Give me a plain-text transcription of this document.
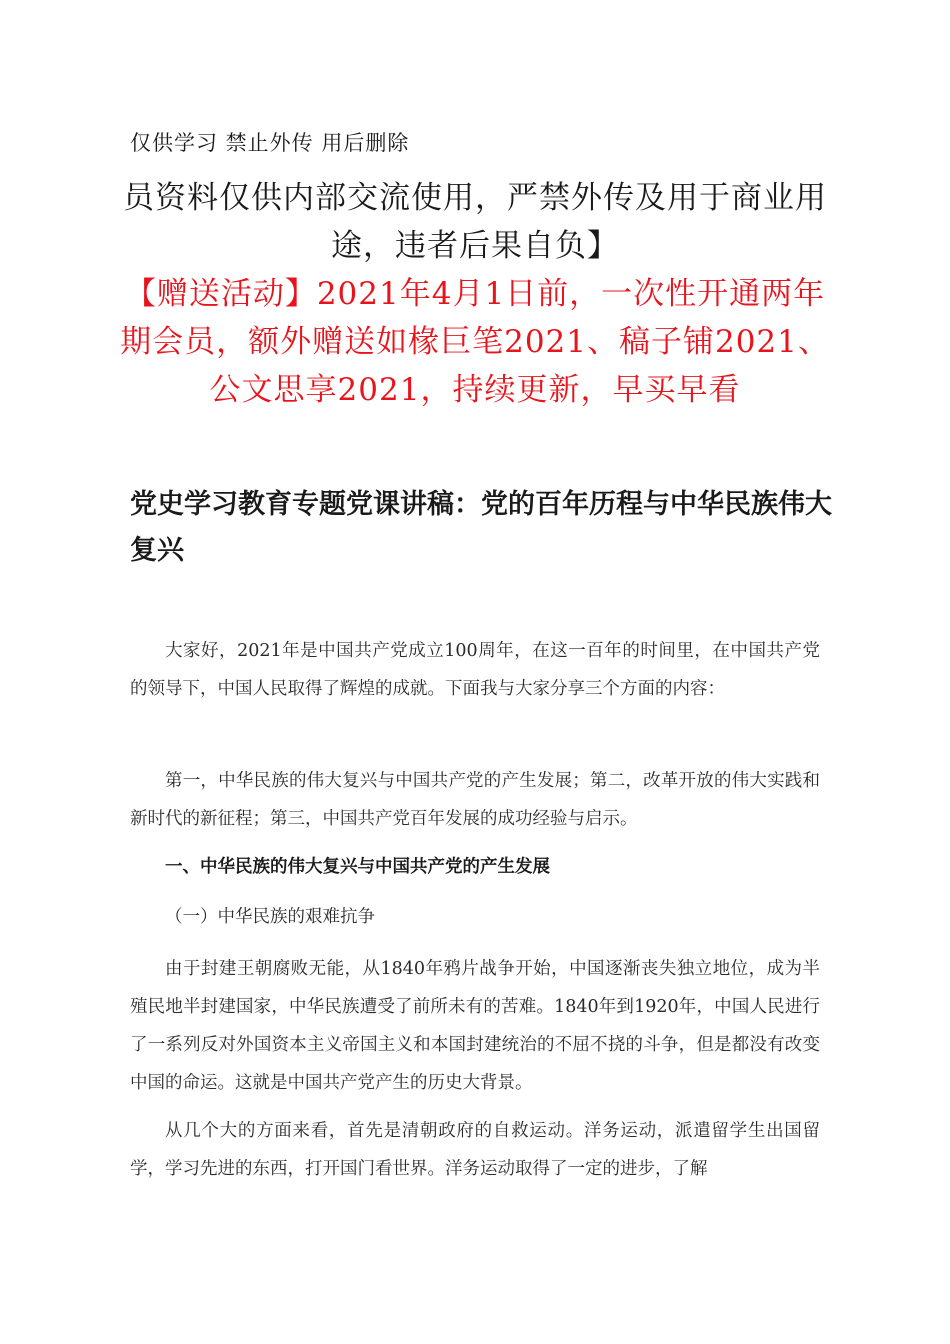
仅供学习 禁止外传 用后删除
员资料仅供内部交流使用，严禁外传及用于商业用途，违者后果自负】
【赠送活动】2021年4月1日前，一次性开通两年期会员，额外赠送如椽巨笔2021、稿子铺2021、公文思享2021，持续更新，早买早看
党史学习教育专题党课讲稿：党的百年历程与中华民族伟大复兴
大家好，2021年是中国共产党成立100周年，在这一百年的时间里，在中国共产党的领导下，中国人民取得了辉煌的成就。下面我与大家分享三个方面的内容：
第一，中华民族的伟大复兴与中国共产党的产生发展；第二，改革开放的伟大实践和新时代的新征程；第三，中国共产党百年发展的成功经验与启示。
一、中华民族的伟大复兴与中国共产党的产生发展
（一）中华民族的艰难抗争
由于封建王朝腐败无能，从1840年鸦片战争开始，中国逐渐丧失独立地位，成为半殖民地半封建国家，中华民族遭受了前所未有的苦难。1840年到1920年，中国人民进行了一系列反对外国资本主义帝国主义和本国封建统治的不屈不挠的斗争，但是都没有改变中国的命运。这就是中国共产党产生的历史大背景。
从几个大的方面来看，首先是清朝政府的自救运动。洋务运动，派遣留学生出国留学，学习先进的东西，打开国门看世界。洋务运动取得了一定的进步，了解
